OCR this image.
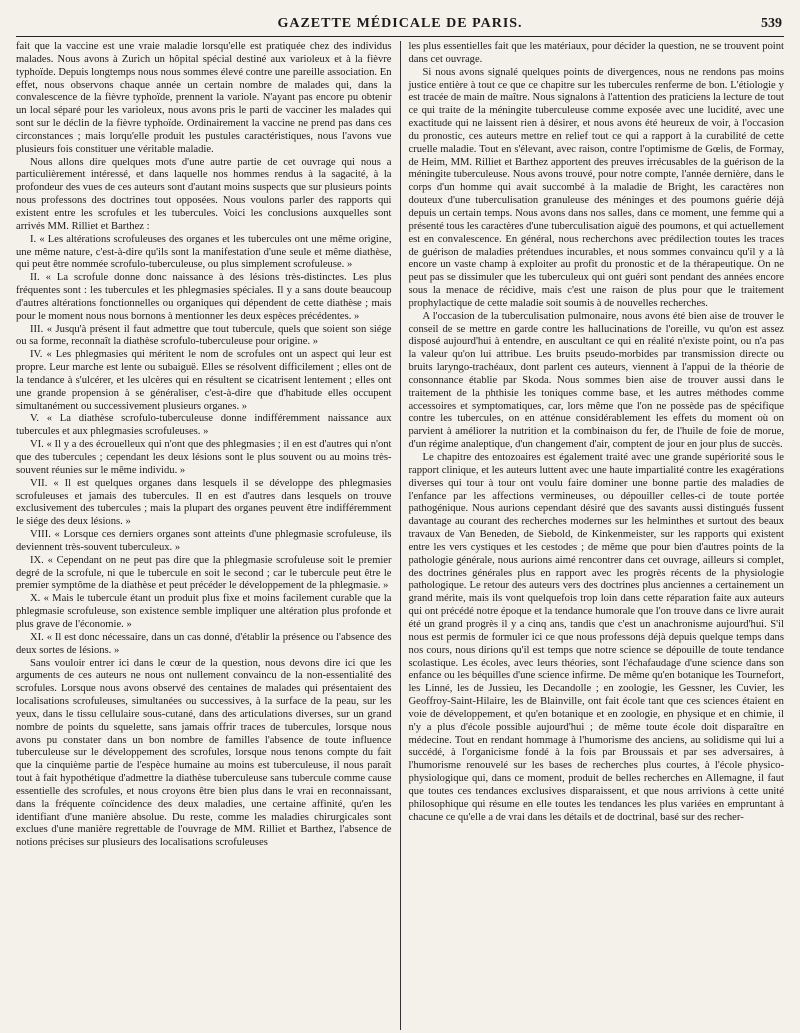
GAZETTE MÉDICALE DE PARIS.	539

fait que la vaccine est une vraie maladie lorsqu'elle est pratiquée chez des individus malades. Nous avons à Zurich un hôpital spécial destiné aux varioleux et à la fièvre typhoïde. Depuis longtemps nous nous sommes élevé contre une pareille association. En effet, nous observons chaque année un certain nombre de malades qui, dans la convalescence de la fièvre typhoïde, prennent la variole. N'ayant pas encore pu obtenir un local séparé pour les varioleux, nous avons pris le parti de vacciner les malades qui sont sur le déclin de la fièvre typhoïde. Ordinairement la vaccine ne prend pas dans ces circonstances ; mais lorqu'elle produit les pustules caractéristiques, nous l'avons vue plusieurs fois constituer une véritable maladie.

Nous allons dire quelques mots d'une autre partie de cet ouvrage qui nous a particulièrement intéressé, et dans laquelle nos hommes rendus à la sagacité, à la profondeur des vues de ces auteurs sont d'autant moins suspects que sur plusieurs points nous professons des doctrines tout opposées. Nous voulons parler des rapports qui existent entre les scrofules et les tubercules. Voici les conclusions auxquelles sont arrivés MM. Rilliet et Barthez :

I. « Les altérations scrofuleuses des organes et les tubercules ont une même origine, une même nature, c'est-à-dire qu'ils sont la manifestation d'une seule et même diathèse, qui peut être nommée scrofulo-tuberculeuse, ou plus simplement scrofuleuse. »

II. « La scrofule donne donc naissance à des lésions très-distinctes. Les plus fréquentes sont : les tubercules et les phlegmasies spéciales. Il y a sans doute beaucoup d'autres altérations fonctionnelles ou organiques qui dépendent de cette diathèse ; mais pour le moment nous nous bornons à mentionner les deux espèces précédentes. »

III. « Jusqu'à présent il faut admettre que tout tubercule, quels que soient son siége ou sa forme, reconnaît la diathèse scrofulo-tuberculeuse pour origine. »

IV. « Les phlegmasies qui méritent le nom de scrofules ont un aspect qui leur est propre. Leur marche est lente ou subaiguë. Elles se résolvent difficilement ; elles ont de la tendance à s'ulcérer, et les ulcères qui en résultent se cicatrisent lentement ; elles ont une grande propension à se généraliser, c'est-à-dire que d'habitude elles occupent simultanément ou successivement plusieurs organes. »

V. « La diathèse scrofulo-tuberculeuse donne indifféremment naissance aux tubercules et aux phlegmasies scrofuleuses. »

VI. « Il y a des écrouelleux qui n'ont que des phlegmasies ; il en est d'autres qui n'ont que des tubercules ; cependant les deux lésions sont le plus souvent ou au moins très-souvent réunies sur le même individu. »

VII. « Il est quelques organes dans lesquels il se développe des phlegmasies scrofuleuses et jamais des tubercules. Il en est d'autres dans lesquels on trouve exclusivement des tubercules ; mais la plupart des organes peuvent être indifféremment le siége des deux lésions. »

VIII. « Lorsque ces derniers organes sont atteints d'une phlegmasie scrofuleuse, ils deviennent très-souvent tuberculeux. »

IX. « Cependant on ne peut pas dire que la phlegmasie scrofuleuse soit le premier degré de la scrofule, ni que le tubercule en soit le second ; car le tubercule peut être le premier symptôme de la diathèse et peut précéder le développement de la phlegmasie. »

X. « Mais le tubercule étant un produit plus fixe et moins facilement curable que la phlegmasie scrofuleuse, son existence semble impliquer une altération plus profonde et plus grave de l'économie. »

XI. « Il est donc nécessaire, dans un cas donné, d'établir la présence ou l'absence des deux sortes de lésions. »

Sans vouloir entrer ici dans le cœur de la question, nous devons dire ici que les arguments de ces auteurs ne nous ont nullement convaincu de la non-essentialité des scrofules. Lorsque nous avons observé des centaines de malades qui présentaient des localisations scrofuleuses, simultanées ou successives, à la surface de la peau, sur les yeux, dans le tissu cellulaire sous-cutané, dans des articulations diverses, sur un grand nombre de points du squelette, sans jamais offrir traces de tubercules, lorsque nous avons pu constater dans un bon nombre de familles l'absence de toute influence tuberculeuse sur le développement des scrofules, lorsque nous tenons compte du fait que la cinquième partie de l'espèce humaine au moins est tuberculeuse, il nous paraît tout à fait hypothétique d'admettre la diathèse tuberculeuse sans tubercule comme cause essentielle des scrofules, et nous croyons être bien plus dans le vrai en reconnaissant, dans la fréquente coïncidence des deux maladies, une certaine affinité, qu'en les identifiant d'une manière absolue. Du reste, comme les maladies chirurgicales sont exclues d'une manière regrettable de l'ouvrage de MM. Rilliet et Barthez, l'absence de notions précises sur plusieurs des localisations scrofuleuses

les plus essentielles fait que les matériaux, pour décider la question, ne se trouvent point dans cet ouvrage.

Si nous avons signalé quelques points de divergences, nous ne rendons pas moins justice entière à tout ce que ce chapitre sur les tubercules renferme de bon. L'étiologie y est tracée de main de maître. Nous signalons à l'attention des praticiens la lecture de tout ce qui traite de la méningite tuberculeuse comme exposée avec une lucidité, avec une exactitude qui ne laissent rien à désirer, et nous avons été heureux de voir, à l'occasion du pronostic, ces auteurs mettre en relief tout ce qui a rapport à la curabilité de cette cruelle maladie. Tout en s'élevant, avec raison, contre l'optimisme de Gœlis, de Formay, de Heim, MM. Rilliet et Barthez apportent des preuves irrécusables de la guérison de la méningite tuberculeuse. Nous avons trouvé, pour notre compte, l'année dernière, dans le corps d'un homme qui avait succombé à la maladie de Bright, les caractères non douteux d'une tuberculisation granuleuse des méninges et des poumons guérie déjà depuis un certain temps. Nous avons dans nos salles, dans ce moment, une femme qui a présenté tous les caractères d'une tuberculisation aiguë des poumons, et qui actuellement est en convalescence. En général, nous recherchons avec prédilection toutes les traces de guérison de maladies prétendues incurables, et nous sommes convaincu qu'il y a là encore un vaste champ à exploiter au profit du pronostic et de la thérapeutique. On ne peut pas se dissimuler que les tuberculeux qui ont guéri sont pendant des années encore sous la menace de récidive, mais c'est une raison de plus pour que le traitement prophylactique de cette maladie soit soumis à de nouvelles recherches.

A l'occasion de la tuberculisation pulmonaire, nous avons été bien aise de trouver le conseil de se mettre en garde contre les hallucinations de l'oreille, vu qu'on est assez disposé aujourd'hui à entendre, en auscultant ce qui en réalité n'existe point, ou n'a pas la valeur qu'on lui attribue. Les bruits pseudo-morbides par transmission directe ou bruits laryngo-trachéaux, dont parlent ces auteurs, viennent à l'appui de la théorie de consonnance établie par Skoda. Nous sommes bien aise de trouver aussi dans le traitement de la phthisie les toniques comme base, et les autres méthodes comme accessoires et symptomatiques, car, lors même que l'on ne possède pas de spécifique contre les tubercules, on en atténue considérablement les effets du moment où on parvient à améliorer la nutrition et la combinaison du fer, de l'huile de foie de morue, d'un régime analeptique, d'un changement d'air, comptent de jour en jour plus de succès.

Le chapitre des entozoaires est également traité avec une grande supériorité sous le rapport clinique, et les auteurs luttent avec une haute impartialité contre les exagérations diverses qui tour à tour ont voulu faire dominer une bonne partie des maladies de l'enfance par les affections vermineuses, ou dépouiller celles-ci de toute portée pathogénique. Nous aurions cependant désiré que des savants aussi distingués fussent davantage au courant des recherches modernes sur les helminthes et surtout des beaux travaux de Van Beneden, de Siebold, de Kinkenmeister, sur les rapports qui existent entre les vers cystiques et les cestodes ; de même que pour bien d'autres points de la pathologie générale, nous aurions aimé rencontrer dans cet ouvrage, ailleurs si complet, des doctrines générales plus en rapport avec les progrès récents de la physiologie pathologique. Le retour des auteurs vers des doctrines plus anciennes a certainement un grand mérite, mais ils vont quelquefois trop loin dans cette réparation faite aux auteurs qui ont précédé notre époque et la tendance humorale que l'on trouve dans ce livre aurait été un grand progrès il y a cinq ans, tandis que c'est un anachronisme aujourd'hui. S'il nous est permis de formuler ici ce que nous professons déjà depuis quelque temps dans nos cours, nous dirions qu'il est temps que notre science se dépouille de toute tendance scolastique. Les écoles, avec leurs théories, sont l'échafaudage d'une science dans son enfance ou les béquilles d'une science infirme. De même qu'en botanique les Tournefort, les Linné, les de Jussieu, les Decandolle ; en zoologie, les Gessner, les Cuvier, les Geoffroy-Saint-Hilaire, les de Blainville, ont fait école tant que ces sciences étaient en voie de développement, et qu'en botanique et en zoologie, en physique et en chimie, il n'y a plus d'école possible aujourd'hui ; de même toute école doit disparaître en médecine. Tout en rendant hommage à l'humorisme des anciens, au solidisme qui lui a succédé, à l'organicisme fondé à la fois par Broussais et par ses adversaires, à l'humorisme renouvelé sur les bases de recherches plus courtes, à l'école physico-physiologique qui, dans ce moment, produit de belles recherches en Allemagne, il faut que toutes ces tendances exclusives disparaissent, et que nous arrivions à cette unité philosophique qui résume en elle toutes les tendances les plus variées en empruntant à chacune ce qu'elle a de vrai dans les détails et de doctrinal, basé sur des recher-
